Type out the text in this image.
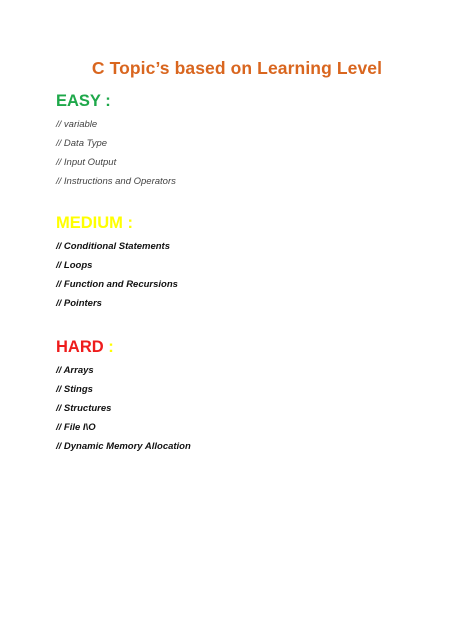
C Topic’s based on Learning Level
EASY :
// variable
// Data Type
// Input Output
// Instructions and Operators
MEDIUM :
// Conditional Statements
// Loops
// Function and Recursions
// Pointers
HARD :
// Arrays
// Stings
// Structures
// File I\O
// Dynamic Memory Allocation
